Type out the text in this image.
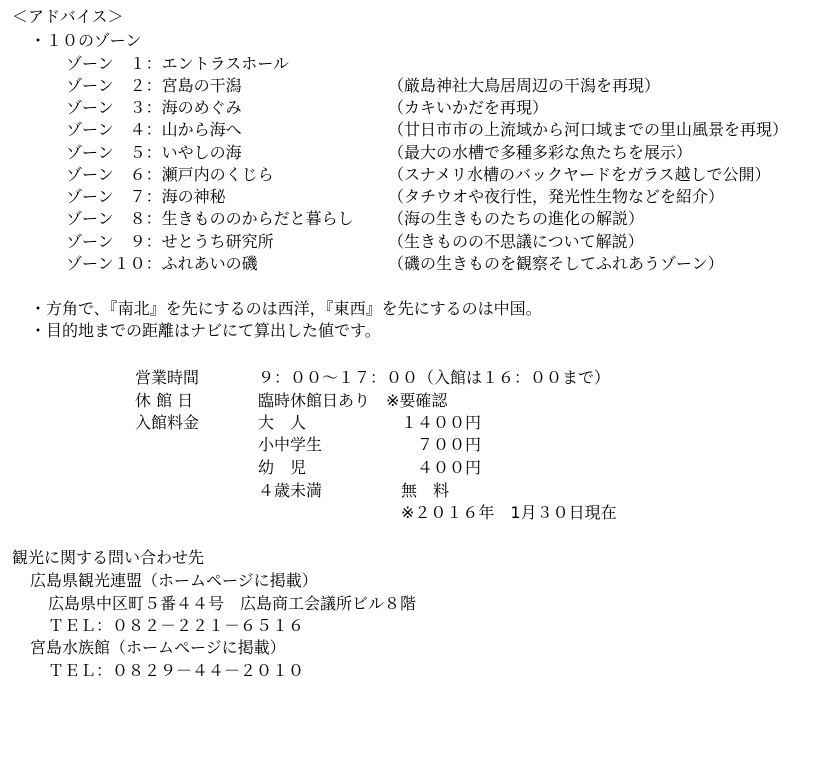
＜アドバイス＞
・１０のゾーン
ゾーン　１：エントラスホール
ゾーン　２：宮島の干潟	（厳島神社大鳥居周辺の干潟を再現）
ゾーン　３：海のめぐみ	（カキいかだを再現）
ゾーン　４：山から海へ	（廿日市市の上流域から河口域までの里山風景を再現）
ゾーン　５：いやしの海	（最大の水槽で多種多彩な魚たちを展示）
ゾーン　６：瀬戸内のくじら	（スナメリ水槽のバックヤードをガラス越しで公開）
ゾーン　７：海の神秘	（タチウオや夜行性，発光性生物などを紹介）
ゾーン　８：生きもののからだと暮らし （海の生きものたちの進化の解説）
ゾーン　９：せとうち研究所	（生きものの不思議について解説）
ゾーン１０：ふれあいの磯	（磯の生きものを観察そしてふれあうゾーン）
・方角で、『南北』を先にするのは西洋，『東西』を先にするのは中国。
・目的地までの距離はナビにて算出した値です。
営業時間	９：００～１７：００（入館は１６：００まで）
休 館 日	臨時休館日あり　※要確認
入館料金	大　人	　１４００円
小中学生	　　７００円
幼　児	　　４００円
４歳未満	　無　料
　※２０１６年　1月３０日現在
観光に関する問い合わせ先
広島県観光連盟（ホームページに掲載）
広島県中区町５番４４号　広島商工会議所ビル８階
ＴＥＬ：０８２－２２１－６５１６
宮島水族館（ホームページに掲載）
ＴＥＬ：０８２９－４４－２０１０
